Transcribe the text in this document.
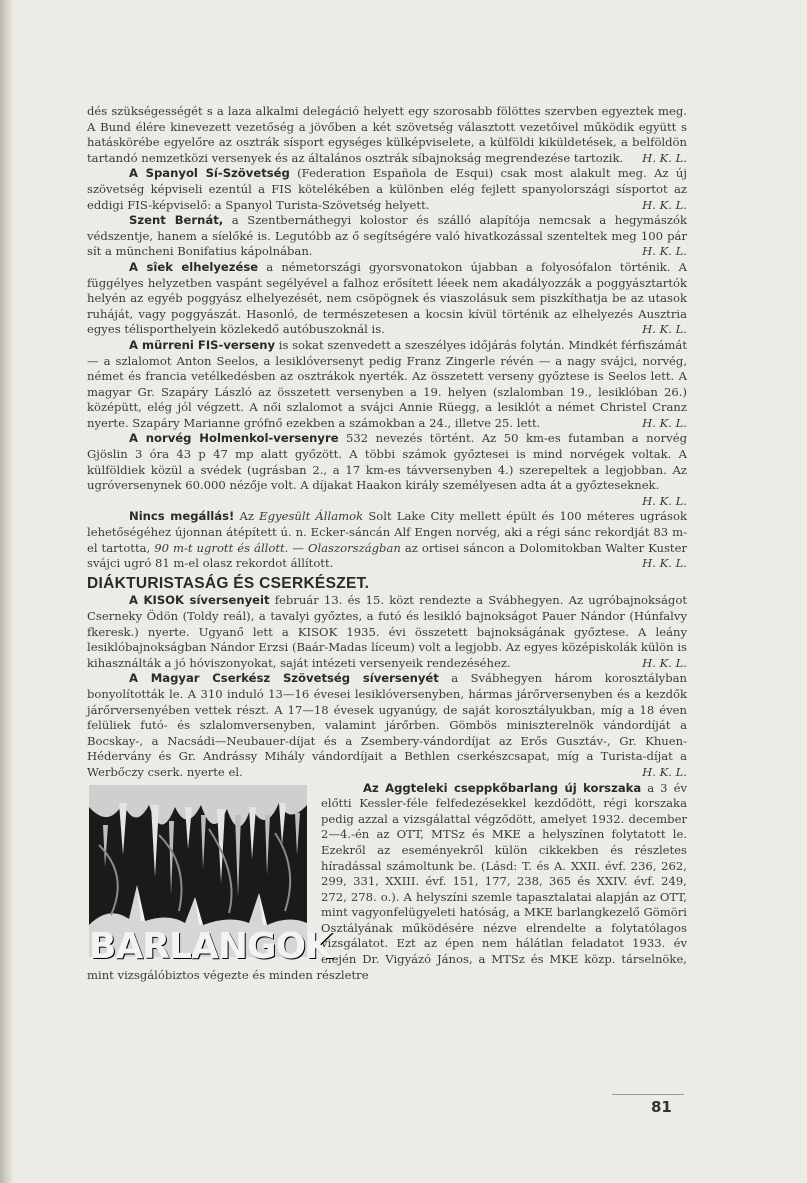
dés szükségességét s a laza alkalmi delegáció helyett egy szorosabb fölöttes szervben egyeztek meg. A Bund élére kinevezett vezetőség a jövőben a két szövetség választott vezetőivel működik együtt s hatáskörébe egyelőre az osztrák sísport egységes külképviselete, a külföldi kiküldetések, a belföldön tartandó nemzetközi versenyek és az általános osztrák síbajnokság megrendezése tartozik. H. K. L.

A Spanyol Sí-Szövetség (Federation Española de Esqui) csak most alakult meg. Az új szövetség képviseli ezentúl a FIS kötelékében a különben elég fejlett spanyolországi sísportot az eddigi FIS-képviselő: a Spanyol Turista-Szövetség helyett.	H. K. L.

Szent Bernát, a Szentbernáthegyi kolostor és szálló alapítója nemcsak a hegymászók védszentje, hanem a síelőké is. Legutóbb az ő segítségére való hivatkozással szenteltek meg 100 pár sít a müncheni Bonifatius kápolnában.	H. K. L.

A sîek elhelyezése a németországi gyorsvonatokon újabban a folyosófalon történik. A függélyes helyzetben vaspánt segélyével a falhoz erősített léeek nem akadályozzák a poggyásztartók helyén az egyéb poggyász elhelyezését, nem csöpögnek és viaszolásuk sem piszkíthatja be az utasok ruháját, vagy poggyászát. Hasonló, de természetesen a kocsin kívül történik az elhelyezés Ausztria egyes télisporthelyein közlekedő autóbuszoknál is.	H. K. L.

A mürreni FIS-verseny is sokat szenvedett a szeszélyes időjárás folytán. Mindkét férfiszámát — a szlalomot Anton Seelos, a lesiklóversenyt pedig Franz Zingerle révén — a nagy svájci, norvég, német és francia vetélkedésben az osztrákok nyerték. Az összetett verseny győztese is Seelos lett. A magyar Gr. Szapáry László az összetett versenyben a 19. helyen (szlalomban 19., lesiklóban 26.) középütt, elég jól végzett. A női szlalomot a svájci Annie Rüegg, a lesiklót a német Christel Cranz nyerte. Szapáry Marianne grófnő ezekben a számokban a 24., illetve 25. lett.	H. K. L.

A norvég Holmenkol-versenyre 532 nevezés történt. Az 50 km-es futamban a norvég Gjöslin 3 óra 43 p 47 mp alatt győzött. A többi számok győztesei is mind norvégek voltak. A külföldiek közül a svédek (ugrásban 2., a 17 km-es távversenyben 4.) szerepeltek a legjobban. Az ugróversenynek 60.000 nézője volt. A díjakat Haakon király személyesen adta át a győzteseknek.
H. K. L.

Nincs megállás! Az Egyesült Államok Solt Lake City mellett épült és 100 méteres ugrások lehetőségéhez újonnan átépített ú. n. Ecker-sáncán Alf Engen norvég, aki a régi sánc rekordját 83 m-el tartotta, 90 m-t ugrott és állott. — Olaszországban az ortisei sáncon a Dolomitokban Walter Kuster svájci ugró 81 m-el olasz rekordot állított.	H. K. L.

DIÁKTURISTASÁG ÉS CSERKÉSZET.

A KISOK síversenyeit február 13. és 15. közt rendezte a Svábhegyen. Az ugróbajnokságot Cserneky Ödön (Toldy reál), a tavalyi győztes, a futó és lesikló bajnokságot Pauer Nándor (Húnfalvy fkeresk.) nyerte. Ugyanő lett a KISOK 1935. évi összetett bajnokságának győztese. A leány lesiklóbajnokságban Nándor Erzsi (Baár-Madas líceum) volt a legjobb. Az egyes középiskolák külön is kihasználták a jó hóviszonyokat, saját intézeti versenyeik rendezéséhez.	H. K. L.

A Magyar Cserkész Szövetség síversenyét a Svábhegyen három korosztályban bonyolították le. A 310 induló 13—16 évesei lesiklóversenyben, hármas járőrversenyben és a kezdők járőrversenyében vettek részt. A 17—18 évesek ugyanúgy, de saját korosztályukban, míg a 18 éven felüliek futó- és szlalomversenyben, valamint járőrben. Gömbös miniszterelnök vándordíját a Bocskay-, a Nacsádi—Neubauer-díjat és a Zsembery-vándordíjat az Erős Gusztáv-, Gr. Khuen-Hédervány és Gr. Andrássy Mihály vándordíjait a Bethlen cserkészcsapat, míg a Turista-díjat a Werbőczy cserk. nyerte el.	H. K. L.

BARLANGOK

Az Aggteleki cseppkőbarlang új korszaka a 3 év előtti Kessler-féle felfedezésekkel kezdődött, régi korszaka pedig azzal a vizsgálattal végződött, amelyet 1932. december 2—4.-én az OTT, MTSz és MKE a helyszínen folytatott le. Ezekről az eseményekről külön cikkekben és részletes híradással számoltunk be. (Lásd: T. és A. XXII. évf. 236, 262, 299, 331, XXIII. évf. 151, 177, 238, 365 és XXIV. évf. 249, 272, 278. o.). A helyszíni szemle tapasztalatai alapján az OTT, mint vagyonfelügyeleti hatóság, a MKE barlangkezelő Gömöri Osztályának működésére nézve elrendelte a folytatólagos vizsgálatot. Ezt az épen nem hálátlan feladatot 1933. év elején Dr. Vigyázó János, a MTSz és MKE közp. társelnöke, mint vizsgálóbiztos végezte és minden részletre

81
